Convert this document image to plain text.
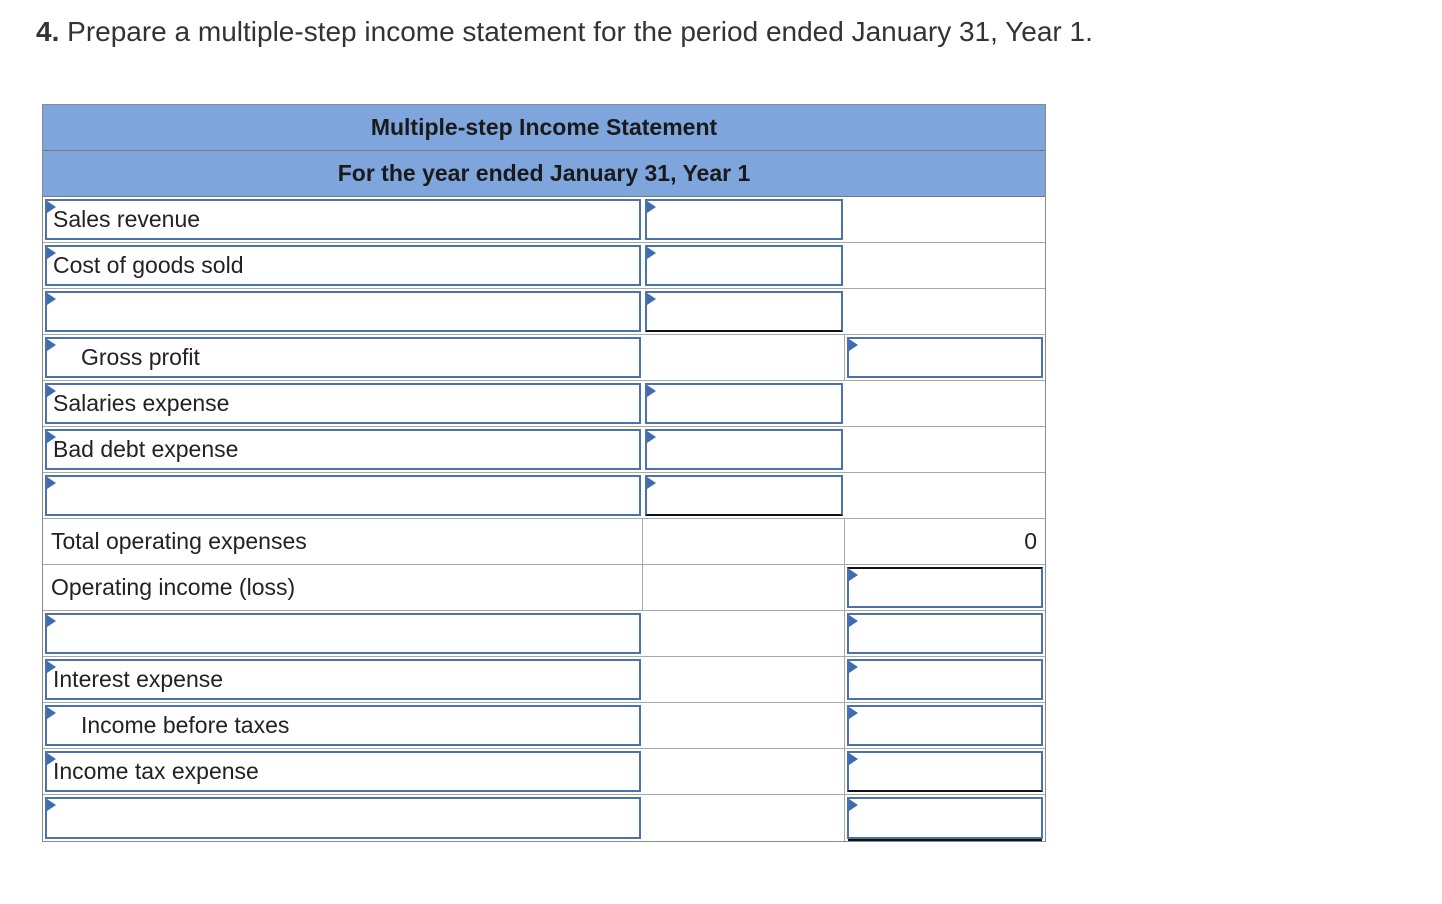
4. Prepare a multiple-step income statement for the period ended January 31, Year 1.
Multiple-step Income Statement
For the year ended January 31, Year 1
Sales revenue
Cost of goods sold
Gross profit
Salaries expense
Bad debt expense
Total operating expenses	0
Operating income (loss)
Interest expense
Income before taxes
Income tax expense
